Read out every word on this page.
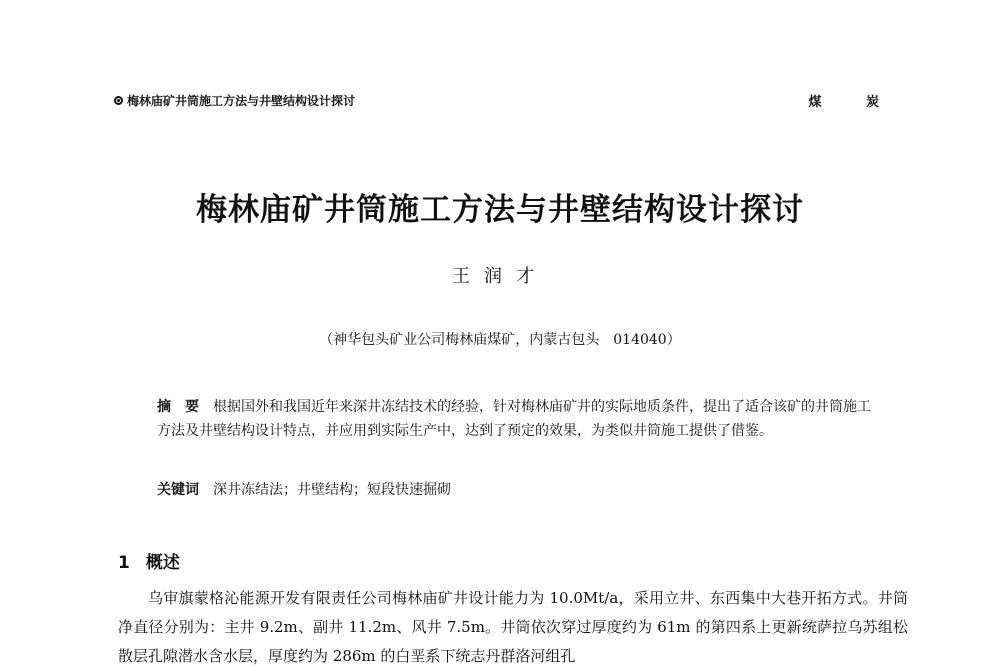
梅林庙矿井筒施工方法与井壁结构设计探讨	煤 炭
梅林庙矿井筒施工方法与井壁结构设计探讨
王润才
（神华包头矿业公司梅林庙煤矿，内蒙古包头　014040）
摘　要 根据国外和我国近年来深井冻结技术的经验，针对梅林庙矿井的实际地质条件，提出了适合该矿的井筒施工方法及井壁结构设计特点，并应用到实际生产中，达到了预定的效果，为类似井筒施工提供了借鉴。
关键词 深井冻结法；井壁结构；短段快速掘砌
1 概述
乌审旗蒙格沁能源开发有限责任公司梅林庙矿井设计能力为 10.0Mt/a，采用立井、东西集中大巷开拓方式。井筒净直径分别为：主井 9.2m、副井 11.2m、风井 7.5m。井筒依次穿过厚度约为 61m 的第四系上更新统萨拉乌苏组松散层孔隙潜水含水层，厚度约为 286m 的白垩系下统志丹群洛河组孔
